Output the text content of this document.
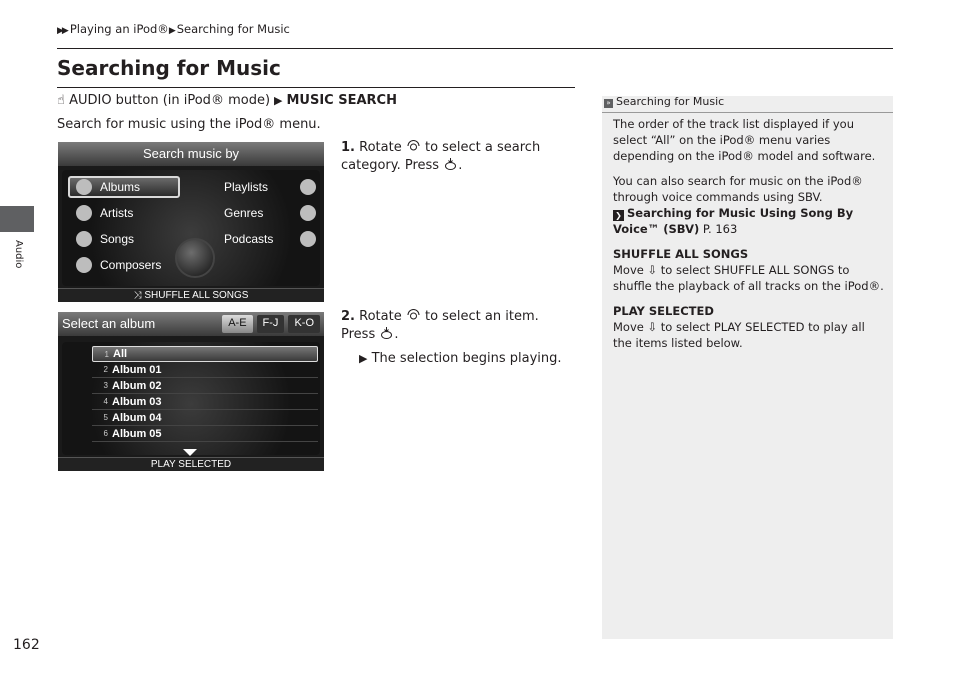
▶▶ Playing an iPod®▶ Searching for Music
Searching for Music
☝ AUDIO button (in iPod® mode) ▶ MUSIC SEARCH
Search for music using the iPod® menu.
Audio
Search music by
Albums
Artists
Songs
Composers
Playlists
Genres
Podcasts
⤨ SHUFFLE ALL SONGS
1. Rotate to select a search category. Press .
Select an album	A-E	F-J	K-O
1 All
2 Album 01
3 Album 02
4 Album 03
5 Album 04
6 Album 05
PLAY SELECTED
2. Rotate to select an item. Press .
▶ The selection begins playing.
» Searching for Music

The order of the track list displayed if you select “All” on the iPod® menu varies depending on the iPod® model and software.

You can also search for music on the iPod® through voice commands using SBV.
❯ Searching for Music Using Song By Voice™ (SBV) P. 163

SHUFFLE ALL SONGS
Move ⇩ to select SHUFFLE ALL SONGS to shuffle the playback of all tracks on the iPod®.

PLAY SELECTED
Move ⇩ to select PLAY SELECTED to play all the items listed below.

162
